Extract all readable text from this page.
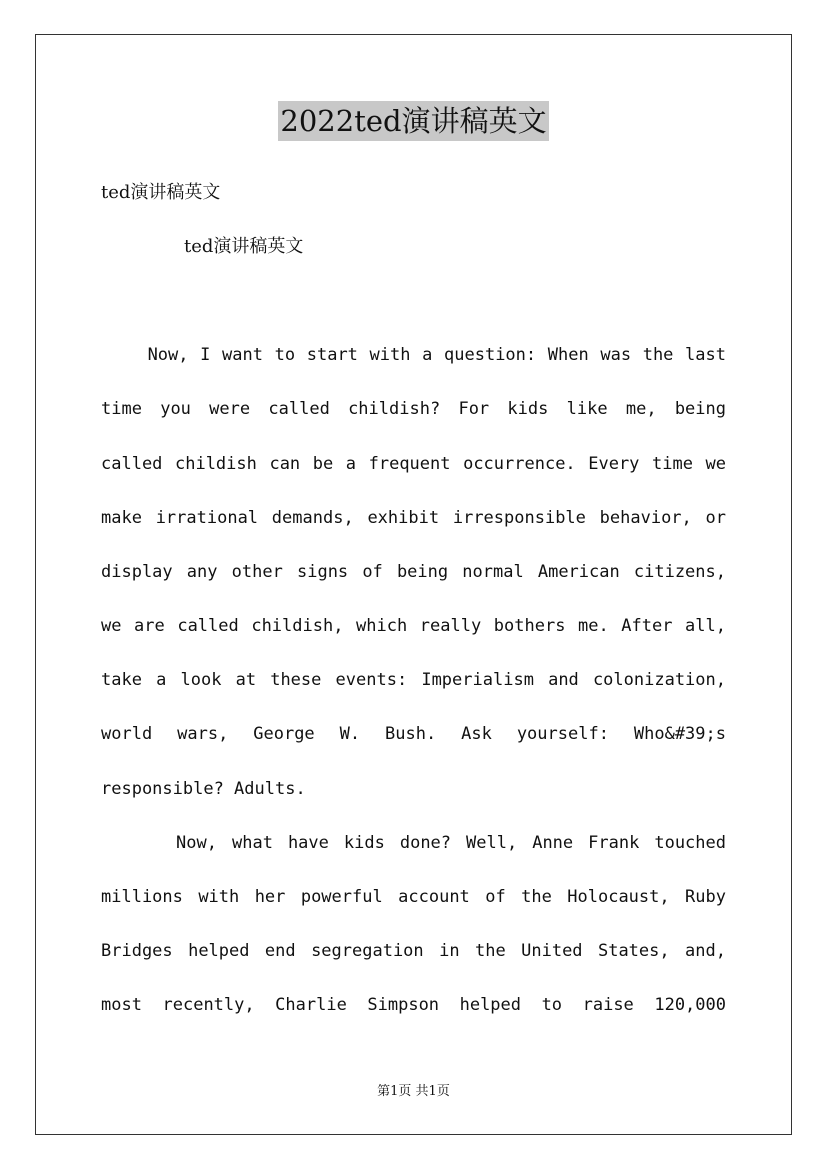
2022ted演讲稿英文
ted演讲稿英文
ted演讲稿英文
Now, I want to start with a question: When was the last
time you were called childish? For kids like me, being
called childish can be a frequent occurrence. Every time we
make irrational demands, exhibit irresponsible behavior, or
display any other signs of being normal American citizens,
we are called childish, which really bothers me. After all,
take a look at these events: Imperialism and colonization,
world wars, George W. Bush. Ask yourself: Who&#39;s
responsible? Adults.
Now, what have kids done? Well, Anne Frank touched
millions with her powerful account of the Holocaust, Ruby
Bridges helped end segregation in the United States, and,
most recently, Charlie Simpson helped to raise 120,000
第1页 共1页
